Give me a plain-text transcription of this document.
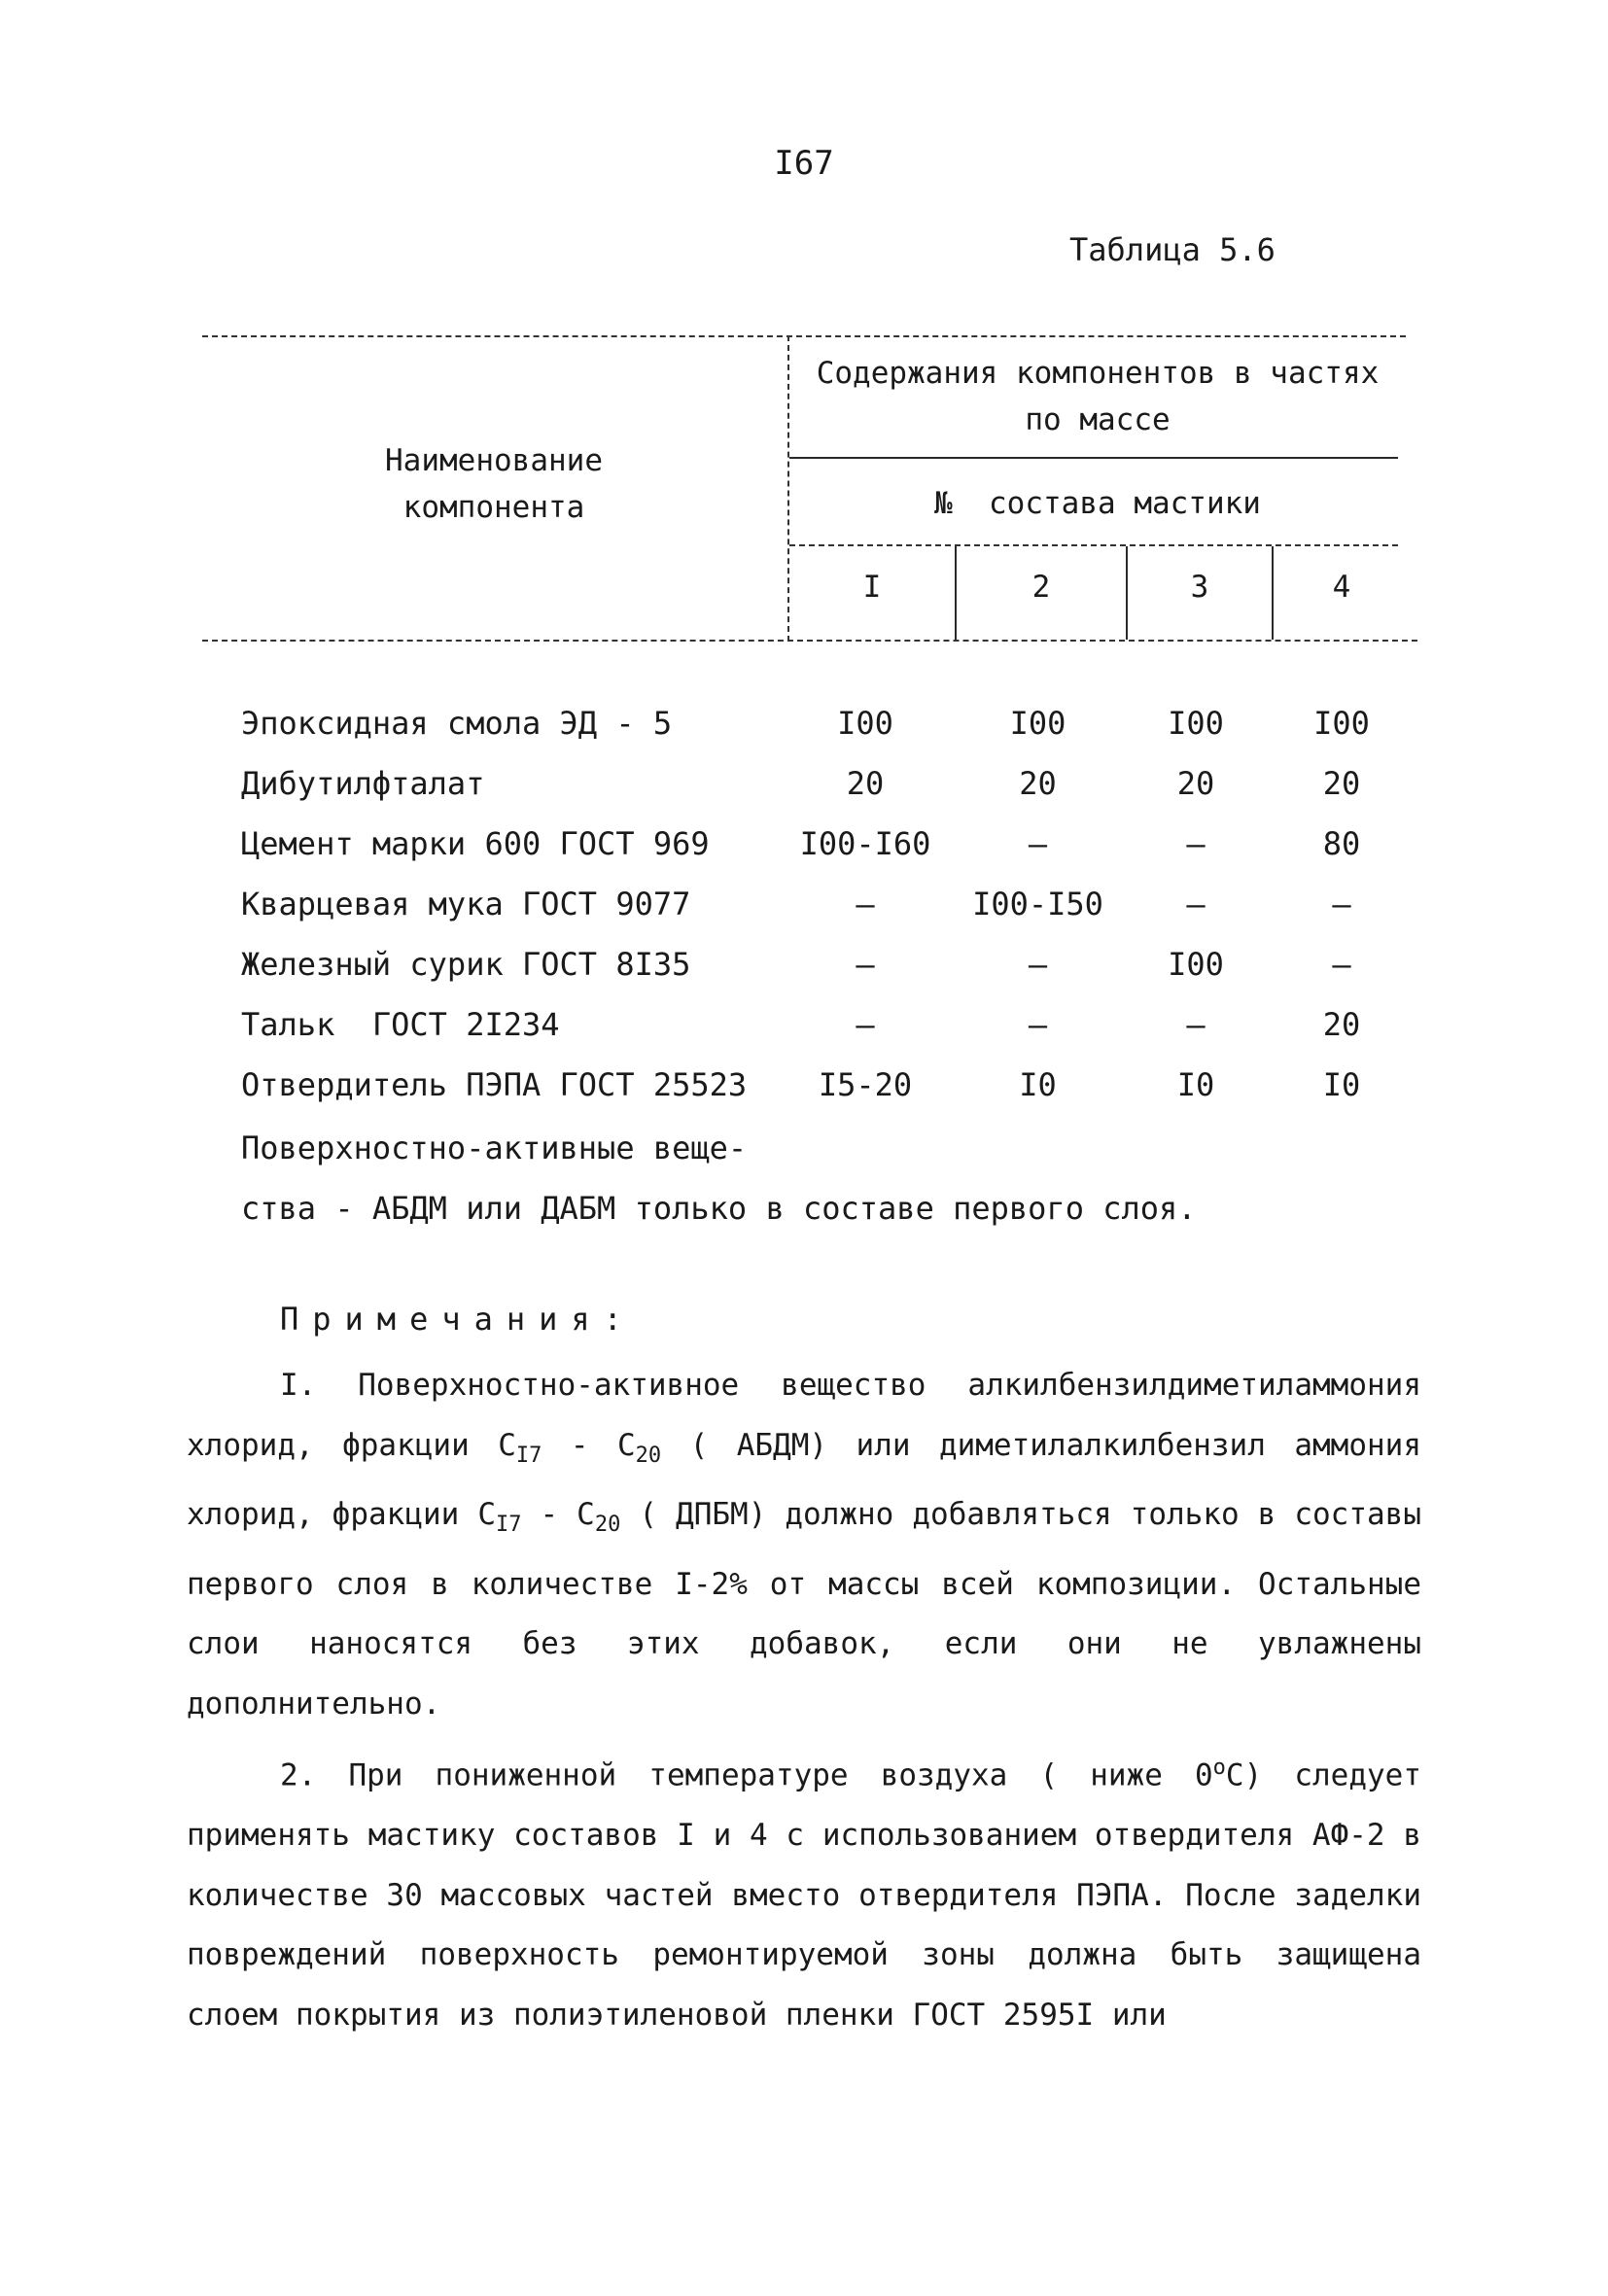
I67
Таблица 5.6
Наименование
компонента
Содержания компонентов в частях
по массе
№  состава мастики
I	2	3	4
Эпоксидная смола ЭД - 5	I00	I00	I00	I00
Дибутилфталат	20	20	20	20
Цемент марки 600 ГОСТ 969	I00-I60	–	–	80
Кварцевая мука ГОСТ 9077	–	I00-I50	–	–
Железный сурик ГОСТ 8I35	–	–	I00	–
Тальк  ГОСТ 2I234	–	–	–	20
Отвердитель ПЭПА ГОСТ 25523	I5-20	I0	I0	I0
Поверхностно-активные веще-
ства - АБДМ или ДАБМ только в составе первого слоя.
Примечания:

I. Поверхностно-активное вещество алкилбензилдиметиламмония хлорид, фракции $С_{I7} - С_{20}$ ( АБДМ) или диметилалкилбензил аммония хлорид, фракции $С_{I7} - С_{20}$ ( ДПБМ) должно добавляться только в составы первого слоя в количестве I-2% от массы всей композиции. Остальные слои наносятся без этих добавок, если они не увлажнены дополнительно.

2. При пониженной температуре воздуха ( ниже $0^оС$) следует применять мастику составов I и 4 с использованием отвердителя АФ-2 в количестве 30 массовых частей вместо отвердителя ПЭПА. После заделки повреждений поверхность ремонтируемой зоны должна быть защищена слоем покрытия из полиэтиленовой пленки ГОСТ 2595I или
